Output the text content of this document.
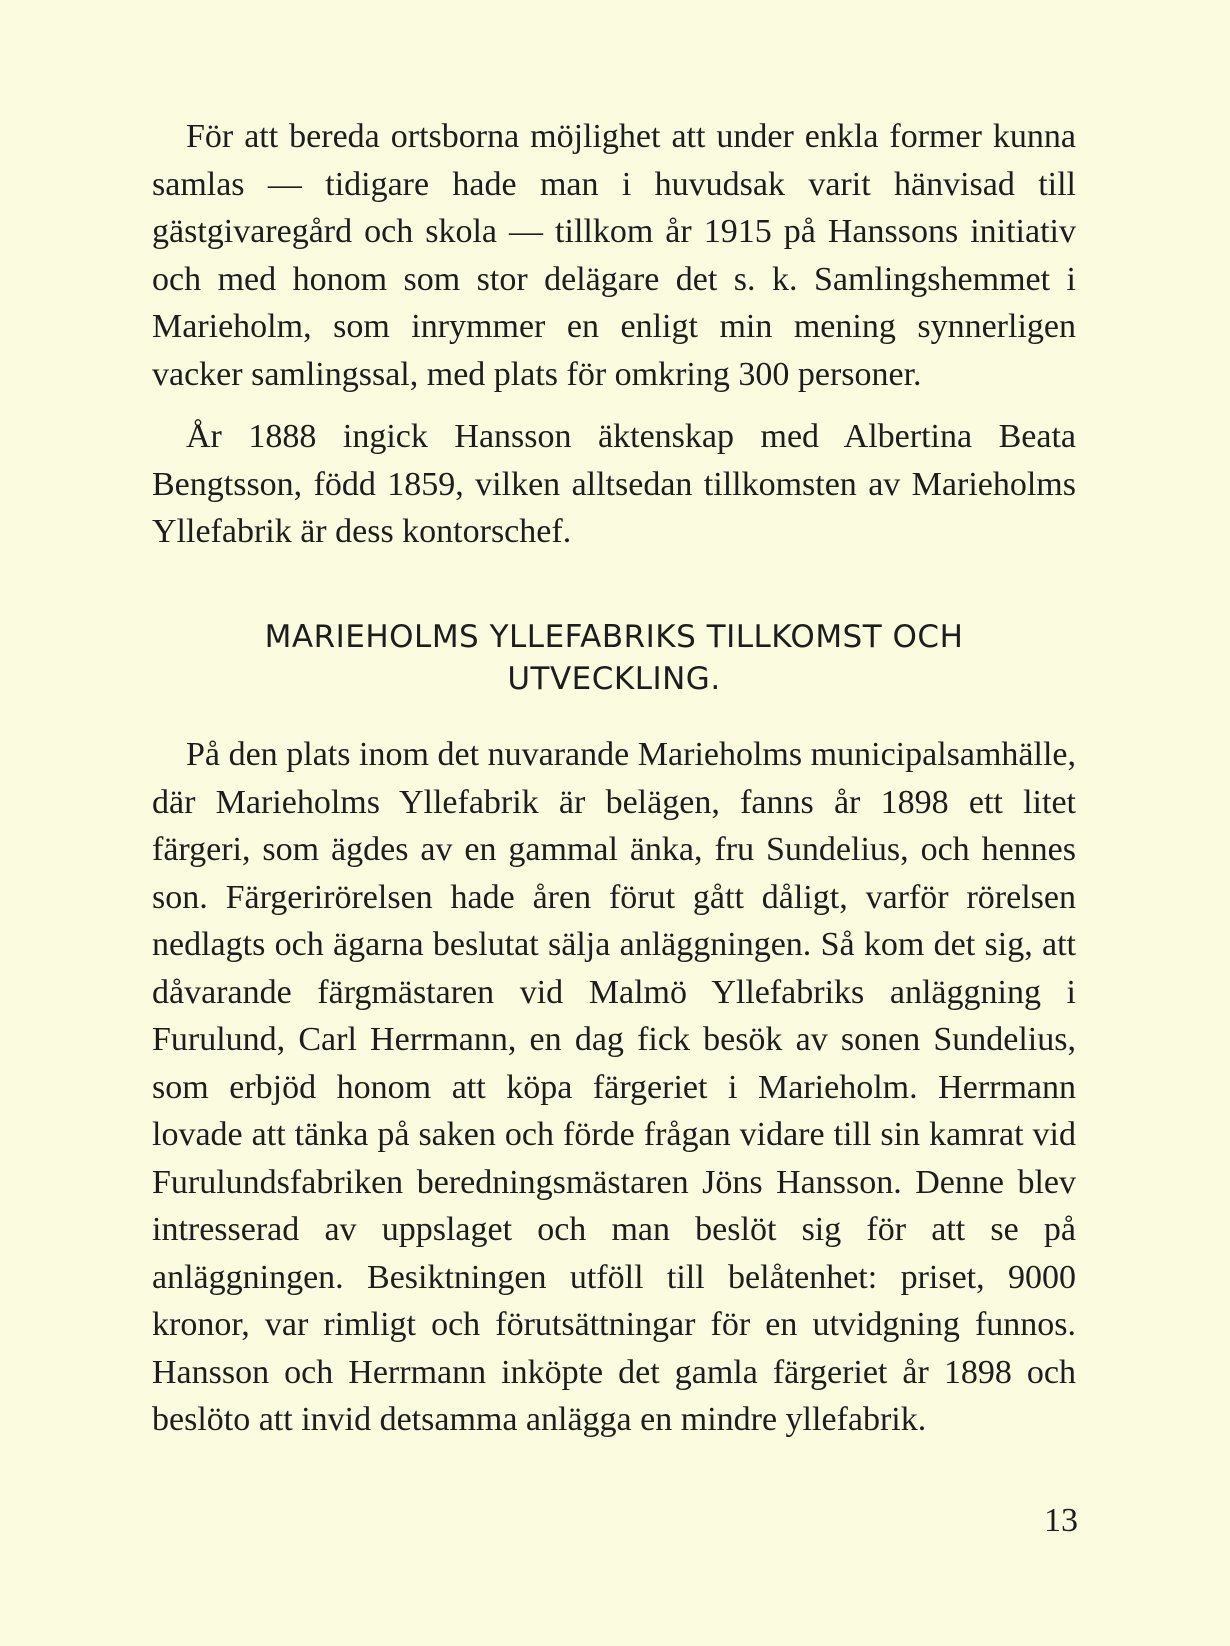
För att bereda ortsborna möjlighet att under enkla former kunna samlas — tidigare hade man i huvudsak varit hänvisad till gästgivaregård och skola — tillkom år 1915 på Hanssons initiativ och med honom som stor delägare det s. k. Samlingshemmet i Marieholm, som inrymmer en enligt min mening synnerligen vacker samlingssal, med plats för omkring 300 personer.

År 1888 ingick Hansson äktenskap med Albertina Beata Bengtsson, född 1859, vilken alltsedan tillkomsten av Marieholms Yllefabrik är dess kontorschef.

MARIEHOLMS YLLEFABRIKS TILLKOMST OCH
UTVECKLING.

På den plats inom det nuvarande Marieholms municipalsamhälle, där Marieholms Yllefabrik är belägen, fanns år 1898 ett litet färgeri, som ägdes av en gammal änka, fru Sundelius, och hennes son. Färgerirörelsen hade åren förut gått dåligt, varför rörelsen nedlagts och ägarna beslutat sälja anläggningen. Så kom det sig, att dåvarande färgmästaren vid Malmö Yllefabriks anläggning i Furulund, Carl Herrmann, en dag fick besök av sonen Sundelius, som erbjöd honom att köpa färgeriet i Marieholm. Herrmann lovade att tänka på saken och förde frågan vidare till sin kamrat vid Furulundsfabriken beredningsmästaren Jöns Hansson. Denne blev intresserad av uppslaget och man beslöt sig för att se på anläggningen. Besiktningen utföll till belåtenhet: priset, 9000 kronor, var rimligt och förutsättningar för en utvidgning funnos. Hansson och Herrmann inköpte det gamla färgeriet år 1898 och beslöto att invid detsamma anlägga en mindre yllefabrik.

13
